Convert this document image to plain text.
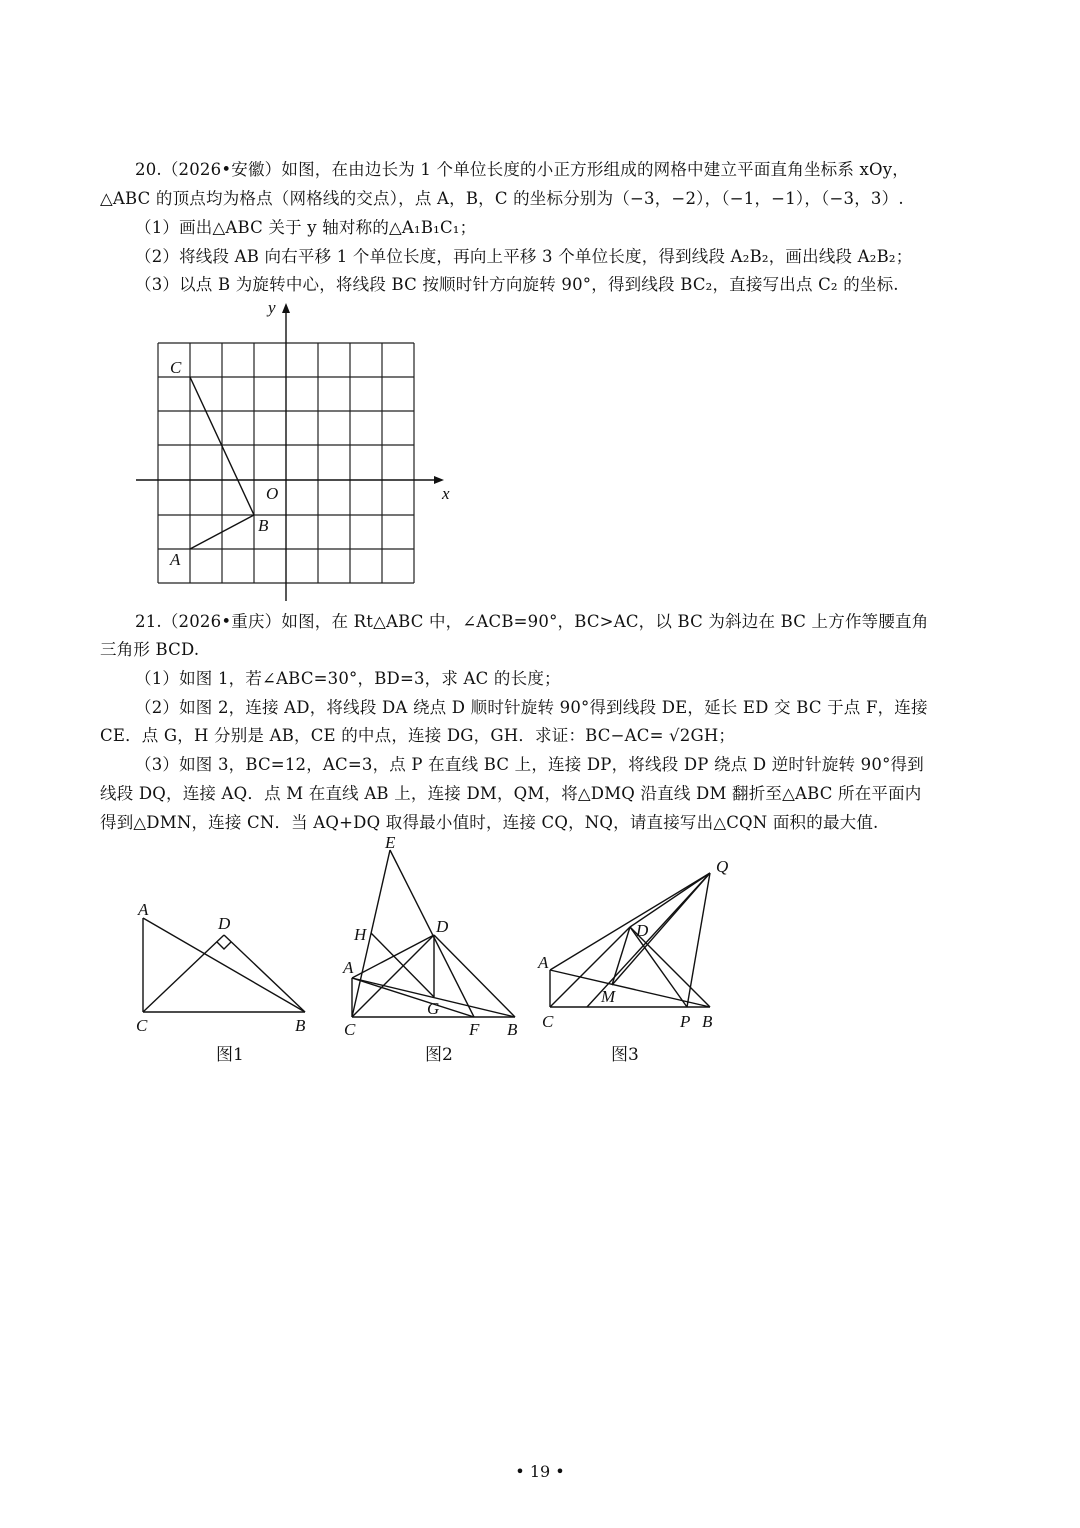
20.（2026•安徽）如图，在由边长为 1 个单位长度的小正方形组成的网格中建立平面直角坐标系 xOy，
△ABC 的顶点均为格点（网格线的交点），点 A，B，C 的坐标分别为（−3，−2），（−1，−1），（−3，3）.
（1）画出△ABC 关于 y 轴对称的△A₁B₁C₁；
（2）将线段 AB 向右平移 1 个单位长度，再向上平移 3 个单位长度，得到线段 A₂B₂，画出线段 A₂B₂；
（3）以点 B 为旋转中心，将线段 BC 按顺时针方向旋转 90°，得到线段 BC₂，直接写出点 C₂ 的坐标.
x
y
O
C
B
A
21.（2026•重庆）如图，在 Rt△ABC 中，∠ACB=90°，BC>AC，以 BC 为斜边在 BC 上方作等腰直角
三角形 BCD.
（1）如图 1，若∠ABC=30°，BD=3，求 AC 的长度；
（2）如图 2，连接 AD，将线段 DA 绕点 D 顺时针旋转 90°得到线段 DE，延长 ED 交 BC 于点 F，连接
CE．点 G，H 分别是 AB，CE 的中点，连接 DG，GH．求证：BC−AC= √2GH；
（3）如图 3，BC=12，AC=3，点 P 在直线 BC 上，连接 DP，将线段 DP 绕点 D 逆时针旋转 90°得到
线段 DQ，连接 AQ．点 M 在直线 AB 上，连接 DM，QM，将△DMQ 沿直线 DM 翻折至△ABC 所在平面内
得到△DMN，连接 CN．当 AQ+DQ 取得最小值时，连接 CQ，NQ，请直接写出△CQN 面积的最大值.
A
D
C	B
E
H	D
A
G
C	F B
Q
D
A
M
C	P B
图1	图2	图3
• 19 •
